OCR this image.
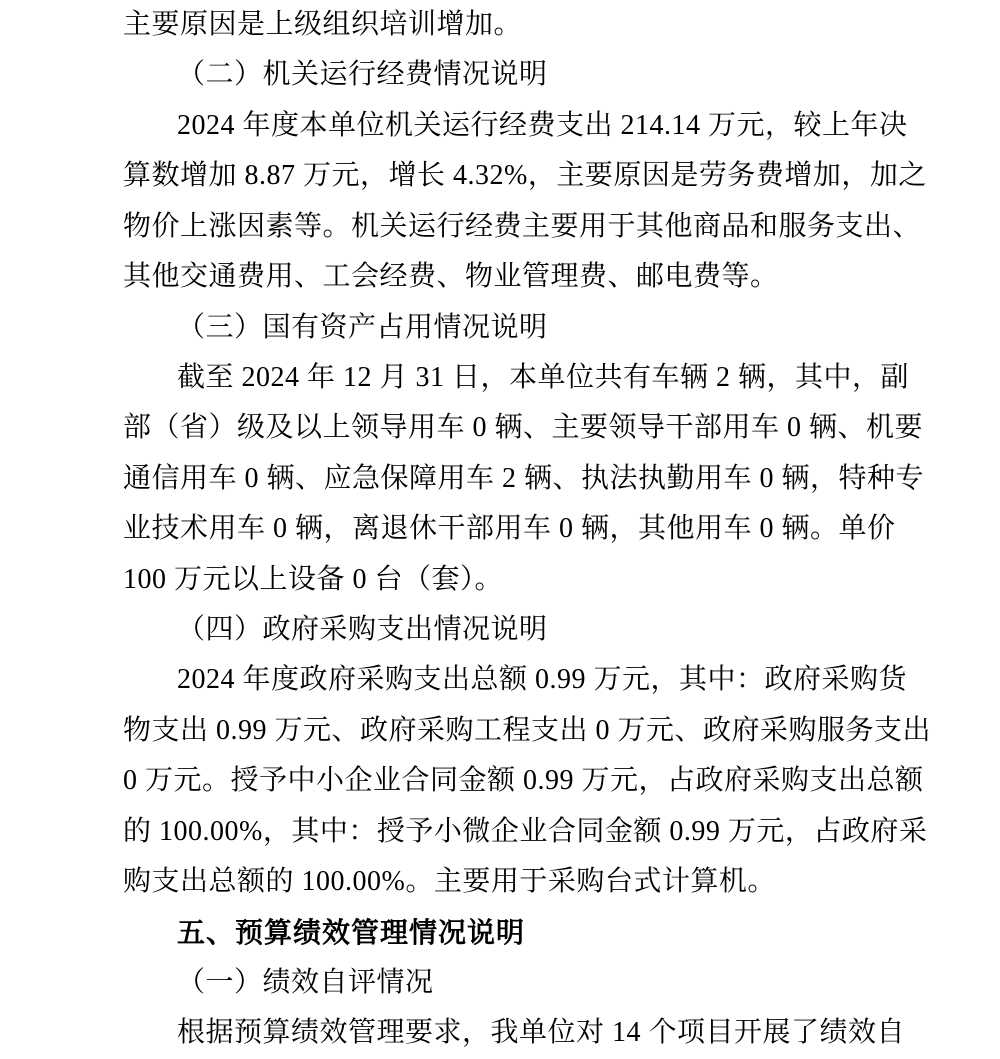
主要原因是上级组织培训增加。
（二）机关运行经费情况说明
2024 年度本单位机关运行经费支出 214.14 万元，较上年决
算数增加 8.87 万元，增长 4.32%，主要原因是劳务费增加，加之
物价上涨因素等。机关运行经费主要用于其他商品和服务支出、
其他交通费用、工会经费、物业管理费、邮电费等。
（三）国有资产占用情况说明
截至 2024 年 12 月 31 日，本单位共有车辆 2 辆，其中，副
部（省）级及以上领导用车 0 辆、主要领导干部用车 0 辆、机要
通信用车 0 辆、应急保障用车 2 辆、执法执勤用车 0 辆，特种专
业技术用车 0 辆，离退休干部用车 0 辆，其他用车 0 辆。单价
100 万元以上设备 0 台（套）。
（四）政府采购支出情况说明
2024 年度政府采购支出总额 0.99 万元，其中：政府采购货
物支出 0.99 万元、政府采购工程支出 0 万元、政府采购服务支出
0 万元。授予中小企业合同金额 0.99 万元，占政府采购支出总额
的 100.00%，其中：授予小微企业合同金额 0.99 万元，占政府采
购支出总额的 100.00%。主要用于采购台式计算机。
五、预算绩效管理情况说明
（一）绩效自评情况
根据预算绩效管理要求，我单位对 14 个项目开展了绩效自
